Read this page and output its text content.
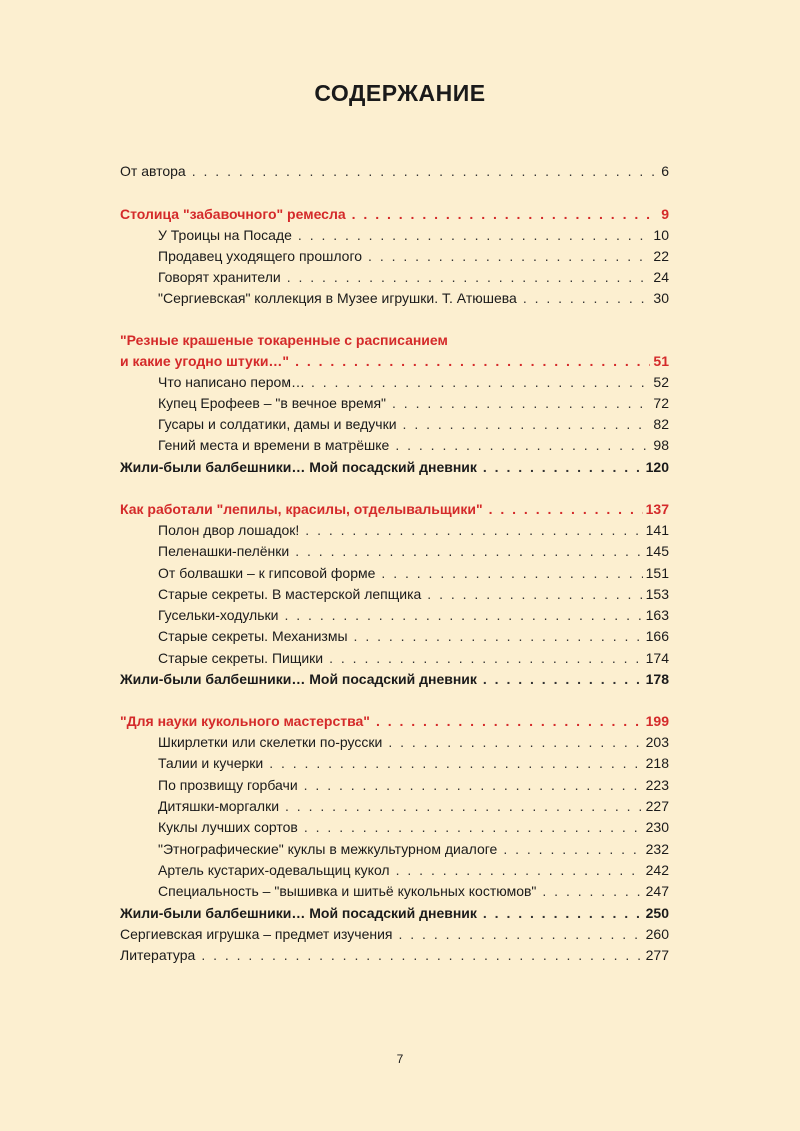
СОДЕРЖАНИЕ
От автора . . .	6
Столица "забавочного" ремесла . . .	9
У Троицы на Посаде . . .	10
Продавец уходящего прошлого . . .	22
Говорят хранители . . .	24
"Сергиевская" коллекция в Музее игрушки. Т. Атюшева . . .	30
"Резные крашеные токаренные с расписанием
и какие угодно штуки…" . . .	51
Что написано пером… . . .	52
Купец Ерофеев – "в вечное время" . . .	72
Гусары и солдатики, дамы и ведучки . . .	82
Гений места и времени в матрёшке . . .	98
Жили-были балбешники… Мой посадский дневник . . .	120
Как работали "лепилы, красилы, отделывальщики" . . .	137
Полон двор лошадок! . . .	141
Пеленашки-пелёнки . . .	145
От болвашки – к гипсовой форме . . .	151
Старые секреты. В мастерской лепщика . . .	153
Гусельки-ходульки . . .	163
Старые секреты. Механизмы . . .	166
Старые секреты. Пищики . . .	174
Жили-были балбешники… Мой посадский дневник . . .	178
"Для науки кукольного мастерства" . . .	199
Шкирлетки или скелетки по-русски . . .	203
Талии и кучерки . . .	218
По прозвищу горбачи . . .	223
Дитяшки-моргалки . . .	227
Куклы лучших сортов . . .	230
"Этнографические" куклы в межкультурном диалоге . . .	232
Артель кустарих-одевальщиц кукол . . .	242
Специальность – "вышивка и шитьё кукольных костюмов" . . .	247
Жили-были балбешники… Мой посадский дневник . . .	250
Сергиевская игрушка – предмет изучения . . .	260
Литература . . .	277
7
